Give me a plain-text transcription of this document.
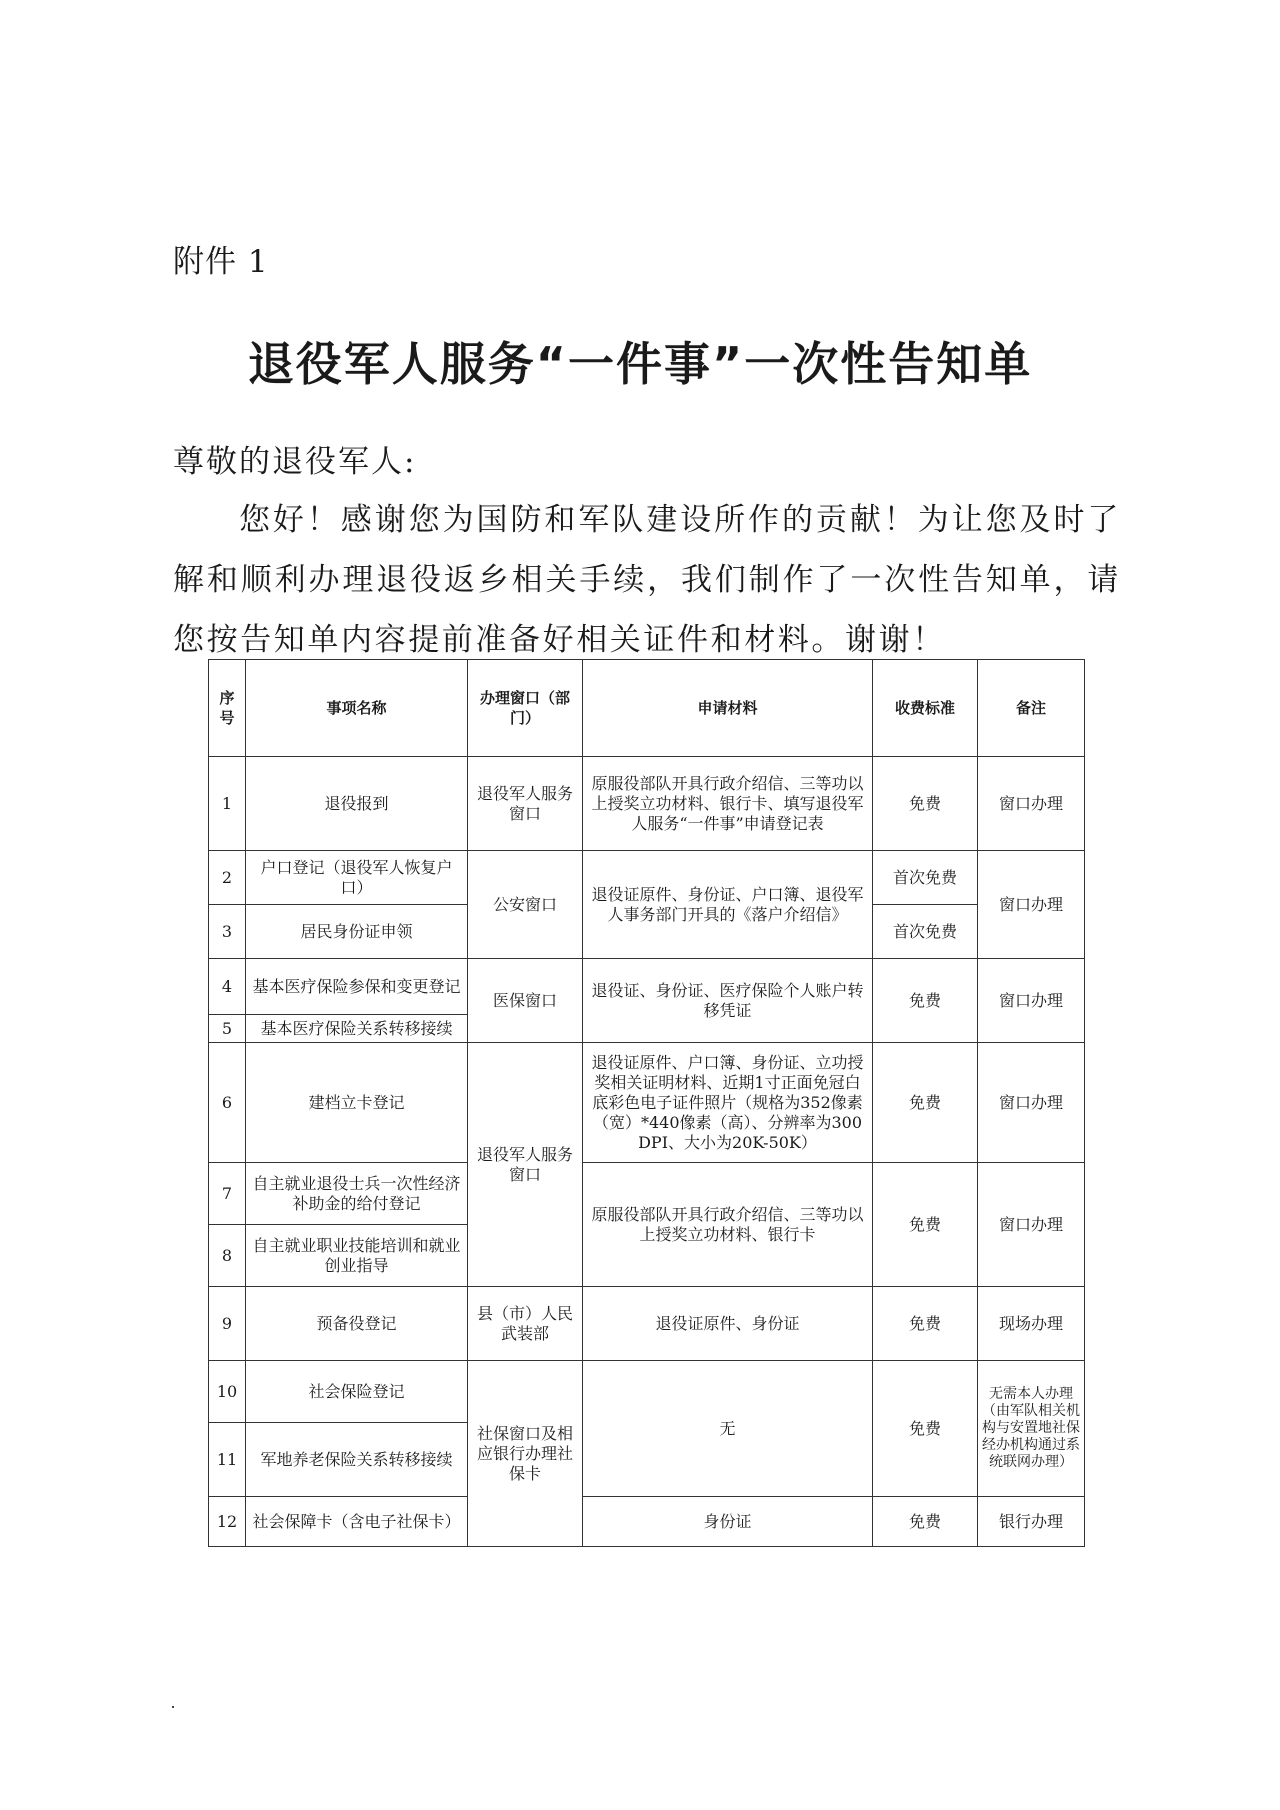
附件 1
退役军人服务“一件事”一次性告知单
尊敬的退役军人:
您好！感谢您为国防和军队建设所作的贡献！为让您及时了解和顺利办理退役返乡相关手续，我们制作了一次性告知单，请您按告知单内容提前准备好相关证件和材料。谢谢！
序号	事项名称	办理窗口（部门）	申请材料	收费标准	备注
1	退役报到	退役军人服务窗口	原服役部队开具行政介绍信、三等功以上授奖立功材料、银行卡、填写退役军人服务“一件事”申请登记表	免费	窗口办理
2	户口登记（退役军人恢复户口）	公安窗口	退役证原件、身份证、户口簿、退役军人事务部门开具的《落户介绍信》	首次免费	窗口办理
3	居民身份证申领			首次免费	
4	基本医疗保险参保和变更登记	医保窗口	退役证、身份证、医疗保险个人账户转移凭证	免费	窗口办理
5	基本医疗保险关系转移接续				
6	建档立卡登记	退役军人服务窗口	退役证原件、户口簿、身份证、立功授奖相关证明材料、近期1寸正面免冠白底彩色电子证件照片（规格为352像素（宽）*440像素（高）、分辨率为300DPI、大小为20K-50K）	免费	窗口办理
7	自主就业退役士兵一次性经济补助金的给付登记		原服役部队开具行政介绍信、三等功以上授奖立功材料、银行卡	免费	窗口办理
8	自主就业职业技能培训和就业创业指导				
9	预备役登记	县（市）人民武装部	退役证原件、身份证	免费	现场办理
10	社会保险登记	社保窗口及相应银行办理社保卡	无	免费	无需本人办理（由军队相关机构与安置地社保经办机构通过系统联网办理）
11	军地养老保险关系转移接续				
12	社会保障卡（含电子社保卡）		身份证	免费	银行办理
